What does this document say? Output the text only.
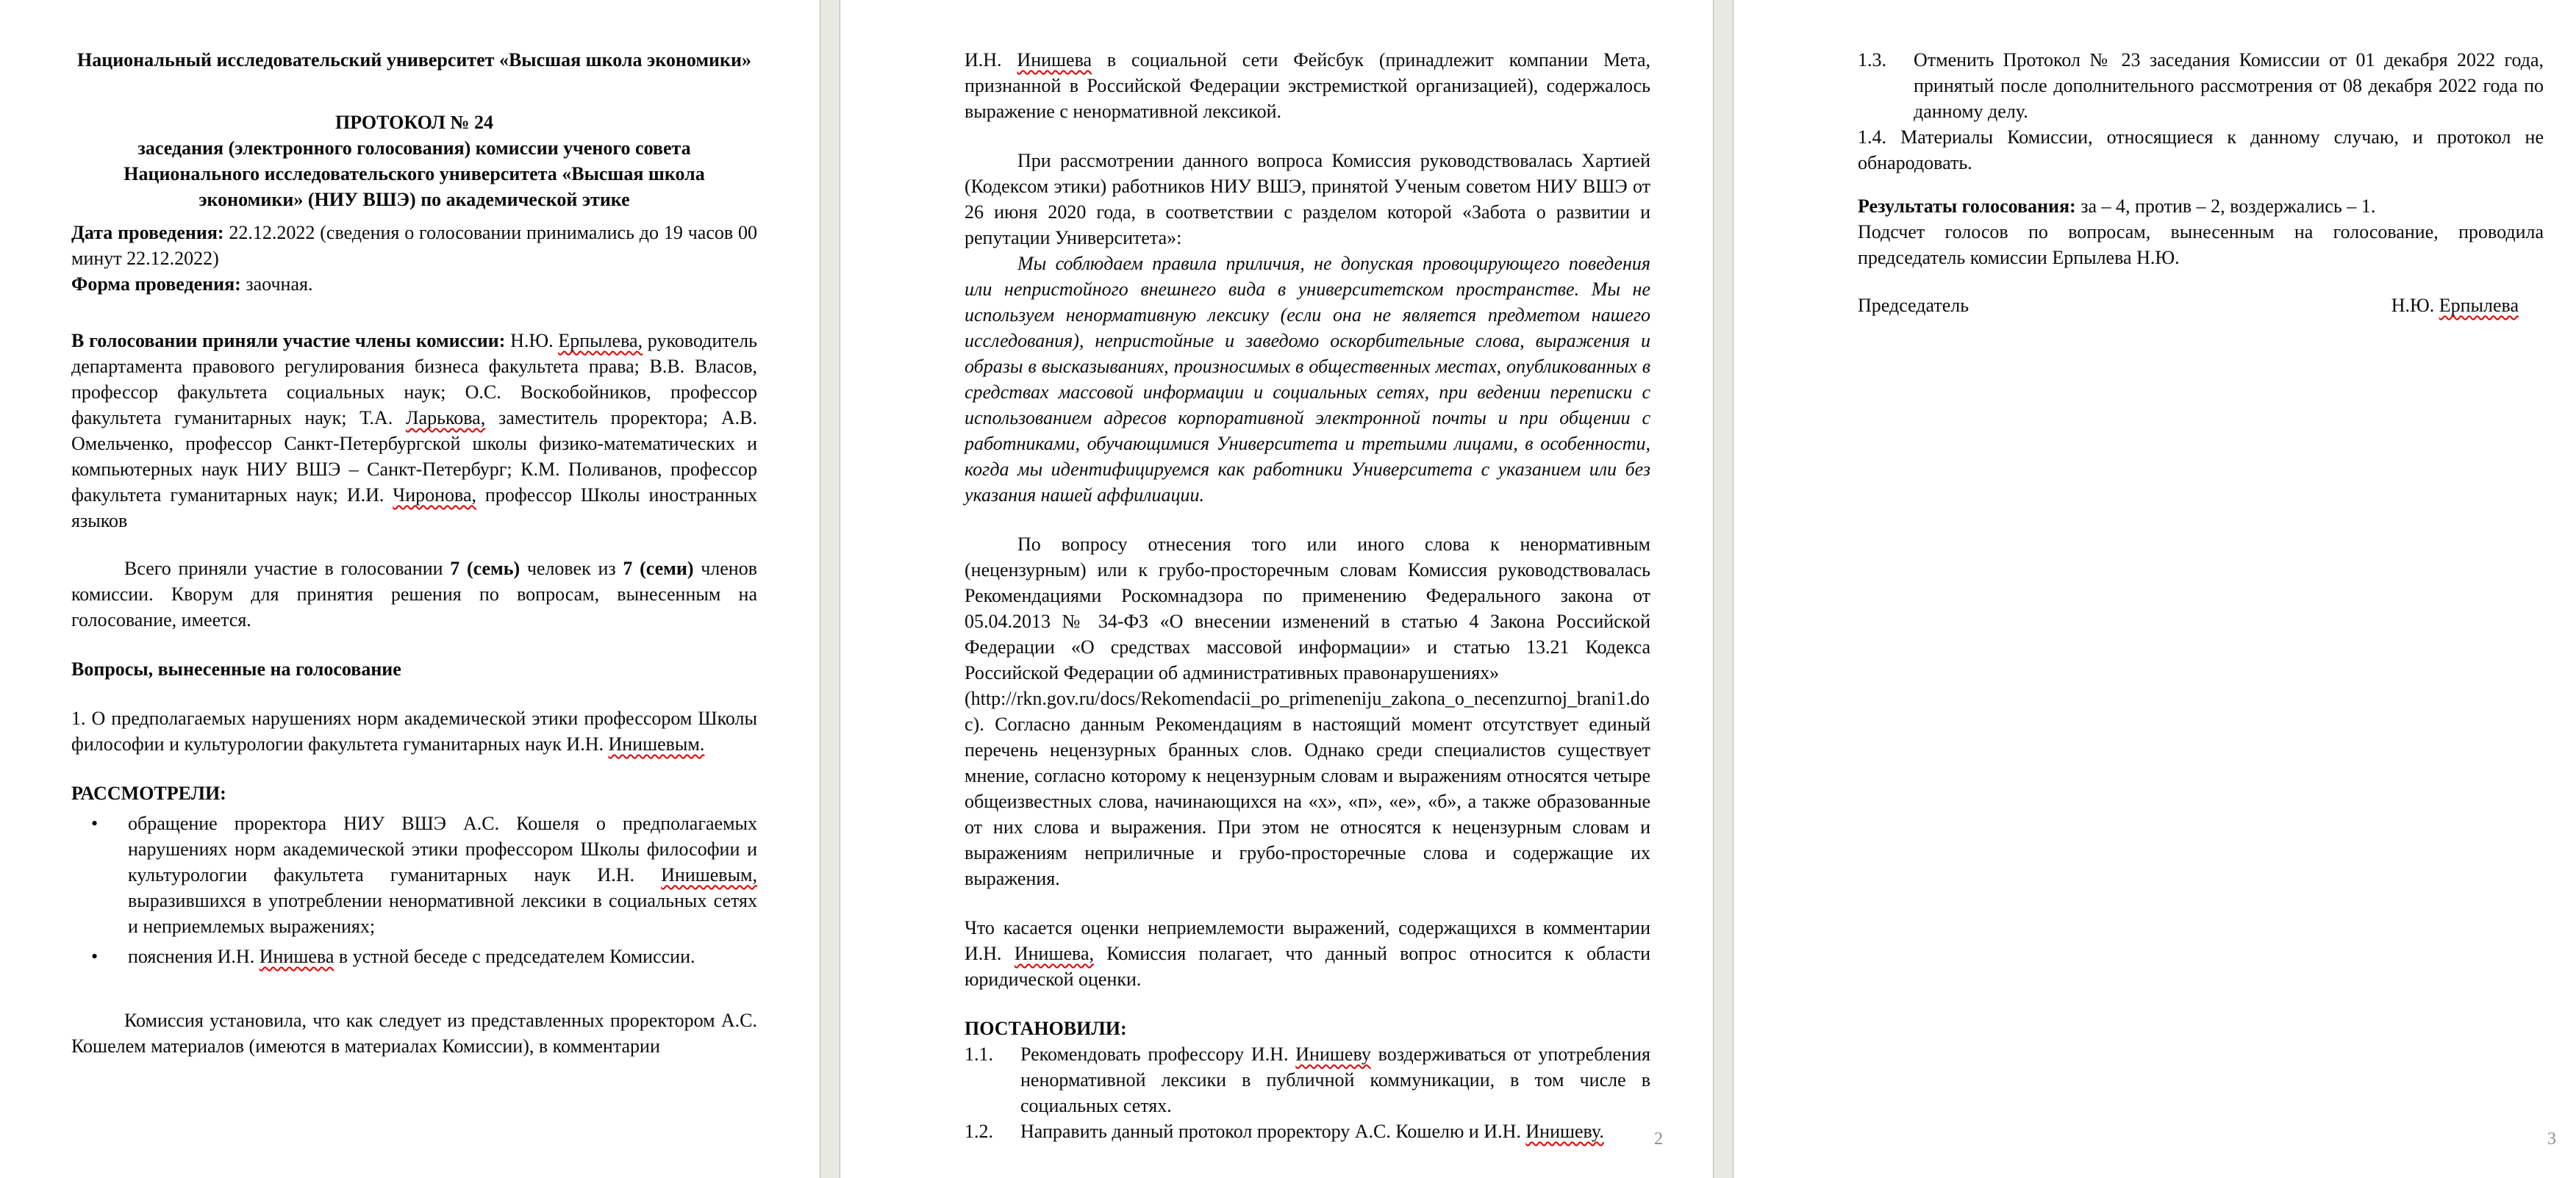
Национальный исследовательский университет «Высшая школа экономики»
ПРОТОКОЛ № 24
заседания (электронного голосования) комиссии ученого совета Национального исследовательского университета «Высшая школа экономики» (НИУ ВШЭ) по академической этике
Дата проведения: 22.12.2022 (сведения о голосовании принимались до 19 часов 00 минут 22.12.2022)
Форма проведения: заочная.
В голосовании приняли участие члены комиссии: Н.Ю. Ерпылева, руководитель департамента правового регулирования бизнеса факультета права; В.В. Власов, профессор факультета социальных наук; О.С. Воскобойников, профессор факультета гуманитарных наук; Т.А. Ларькова, заместитель проректора; А.В. Омельченко, профессор Санкт-Петербургской школы физико-математических и компьютерных наук НИУ ВШЭ – Санкт-Петербург; К.М. Поливанов, профессор факультета гуманитарных наук; И.И. Чиронова, профессор Школы иностранных языков
Всего приняли участие в голосовании 7 (семь) человек из 7 (семи) членов комиссии. Кворум для принятия решения по вопросам, вынесенным на голосование, имеется.
Вопросы, вынесенные на голосование
1. О предполагаемых нарушениях норм академической этики профессором Школы философии и культурологии факультета гуманитарных наук И.Н. Инишевым.
РАССМОТРЕЛИ:
• обращение проректора НИУ ВШЭ А.С. Кошеля о предполагаемых нарушениях норм академической этики профессором Школы философии и культурологии факультета гуманитарных наук И.Н. Инишевым, выразившихся в употреблении ненормативной лексики в социальных сетях и неприемлемых выражениях;
• пояснения И.Н. Инишева в устной беседе с председателем Комиссии.
Комиссия установила, что как следует из представленных проректором А.С. Кошелем материалов (имеются в материалах Комиссии), в комментарии
2
И.Н. Инишева в социальной сети Фейсбук (принадлежит компании Мета, признанной в Российской Федерации экстремисткой организацией), содержалось выражение с ненормативной лексикой.
При рассмотрении данного вопроса Комиссия руководствовалась Хартией (Кодексом этики) работников НИУ ВШЭ, принятой Ученым советом НИУ ВШЭ от 26 июня 2020 года, в соответствии с разделом которой «Забота о развитии и репутации Университета»:
Мы соблюдаем правила приличия, не допуская провоцирующего поведения или непристойного внешнего вида в университетском пространстве. Мы не используем ненормативную лексику (если она не является предметом нашего исследования), непристойные и заведомо оскорбительные слова, выражения и образы в высказываниях, произносимых в общественных местах, опубликованных в средствах массовой информации и социальных сетях, при ведении переписки с использованием адресов корпоративной электронной почты и при общении с работниками, обучающимися Университета и третьими лицами, в особенности, когда мы идентифицируемся как работники Университета с указанием или без указания нашей аффилиации.
По вопросу отнесения того или иного слова к ненормативным (нецензурным) или к грубо-просторечным словам Комиссия руководствовалась Рекомендациями Роскомнадзора по применению Федерального закона от 05.04.2013 № 34-ФЗ «О внесении изменений в статью 4 Закона Российской Федерации «О средствах массовой информации» и статью 13.21 Кодекса Российской Федерации об административных правонарушениях»
(http://rkn.gov.ru/docs/Rekomendacii_po_primeneniju_zakona_o_necenzurnoj_brani1.doc). Согласно данным Рекомендациям в настоящий момент отсутствует единый перечень нецензурных бранных слов. Однако среди специалистов существует мнение, согласно которому к нецензурным словам и выражениям относятся четыре общеизвестных слова, начинающихся на «х», «п», «е», «б», а также образованные от них слова и выражения. При этом не относятся к нецензурным словам и выражениям неприличные и грубо-просторечные слова и содержащие их выражения.
Что касается оценки неприемлемости выражений, содержащихся в комментарии И.Н. Инишева, Комиссия полагает, что данный вопрос относится к области юридической оценки.
ПОСТАНОВИЛИ:
1.1. Рекомендовать профессору И.Н. Инишеву воздерживаться от употребления ненормативной лексики в публичной коммуникации, в том числе в социальных сетях.
1.2. Направить данный протокол проректору А.С. Кошелю и И.Н. Инишеву.	3
1.3. Отменить Протокол № 23 заседания Комиссии от 01 декабря 2022 года, принятый после дополнительного рассмотрения от 08 декабря 2022 года по данному делу.
1.4. Материалы Комиссии, относящиеся к данному случаю, и протокол не обнародовать.
Результаты голосования: за – 4, против – 2, воздержались – 1.
Подсчет голосов по вопросам, вынесенным на голосование, проводила председатель комиссии Ерпылева Н.Ю.
Председатель	Н.Ю. Ерпылева
